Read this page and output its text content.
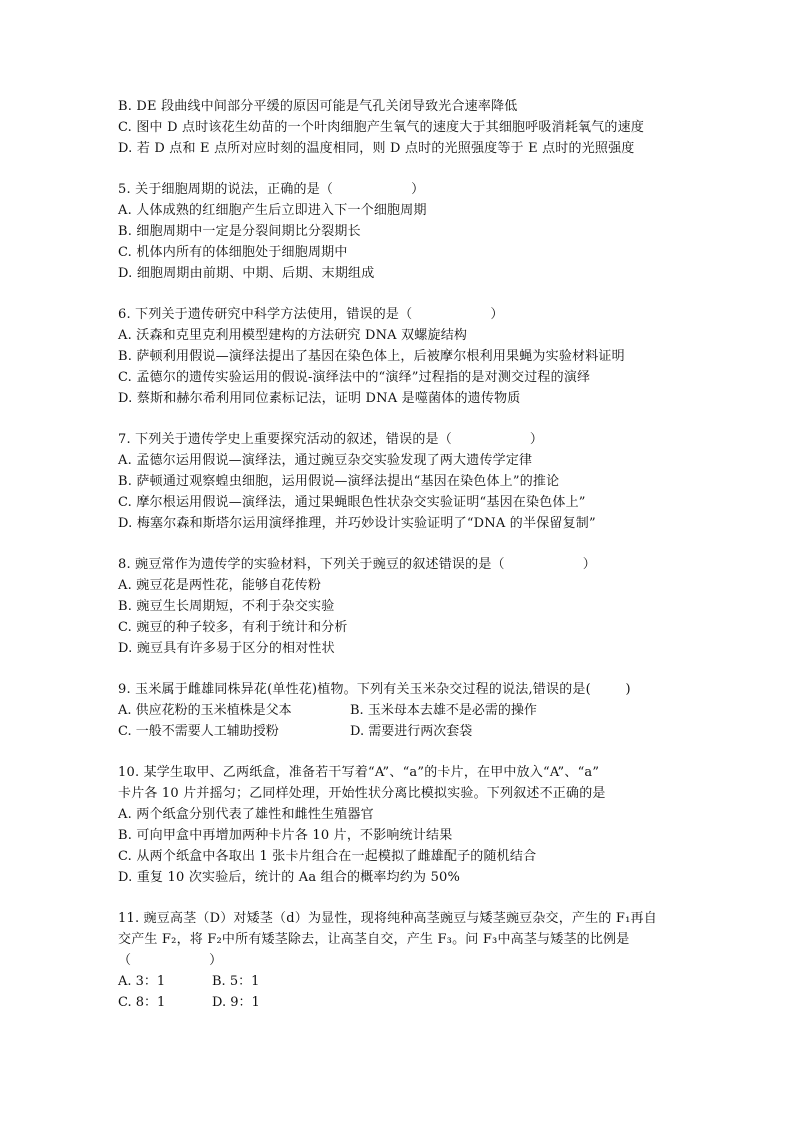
B. DE 段曲线中间部分平缓的原因可能是气孔关闭导致光合速率降低
C. 图中 D 点时该花生幼苗的一个叶肉细胞产生氧气的速度大于其细胞呼吸消耗氧气的速度
D. 若 D 点和 E 点所对应时刻的温度相同，则 D 点时的光照强度等于 E 点时的光照强度
5. 关于细胞周期的说法，正确的是（                  ）
A. 人体成熟的红细胞产生后立即进入下一个细胞周期
B. 细胞周期中一定是分裂间期比分裂期长
C. 机体内所有的体细胞处于细胞周期中
D. 细胞周期由前期、中期、后期、末期组成
6. 下列关于遗传研究中科学方法使用，错误的是（                  ）
A. 沃森和克里克利用模型建构的方法研究 DNA 双螺旋结构
B. 萨顿利用假说—演绎法提出了基因在染色体上，后被摩尔根利用果蝇为实验材料证明
C. 孟德尔的遗传实验运用的假说-演绎法中的“演绎”过程指的是对测交过程的演绎
D. 蔡斯和赫尔希利用同位素标记法，证明 DNA 是噬菌体的遗传物质
7. 下列关于遗传学史上重要探究活动的叙述，错误的是（                  ）
A. 孟德尔运用假说—演绎法，通过豌豆杂交实验发现了两大遗传学定律
B. 萨顿通过观察蝗虫细胞，运用假说—演绎法提出“基因在染色体上”的推论
C. 摩尔根运用假说—演绎法，通过果蝇眼色性状杂交实验证明“基因在染色体上”
D. 梅塞尔森和斯塔尔运用演绎推理，并巧妙设计实验证明了“DNA 的半保留复制”
8. 豌豆常作为遗传学的实验材料，下列关于豌豆的叙述错误的是（                  ）
A. 豌豆花是两性花，能够自花传粉
B. 豌豆生长周期短，不利于杂交实验
C. 豌豆的种子较多，有利于统计和分析
D. 豌豆具有许多易于区分的相对性状
9. 玉米属于雌雄同株异花(单性花)植物。下列有关玉米杂交过程的说法,错误的是(        )
A. 供应花粉的玉米植株是父本	B. 玉米母本去雄不是必需的操作
C. 一般不需要人工辅助授粉	D. 需要进行两次套袋
10. 某学生取甲、乙两纸盒，准备若干写着“A”、“a”的卡片，在甲中放入“A”、“a”
卡片各 10 片并摇匀；乙同样处理，开始性状分离比模拟实验。下列叙述不正确的是
A. 两个纸盒分别代表了雄性和雌性生殖器官
B. 可向甲盒中再增加两种卡片各 10 片，不影响统计结果
C. 从两个纸盒中各取出 1 张卡片组合在一起模拟了雌雄配子的随机结合
D. 重复 10 次实验后，统计的 Aa 组合的概率均约为 50%
11. 豌豆高茎（D）对矮茎（d）为显性，现将纯种高茎豌豆与矮茎豌豆杂交，产生的 F₁再自
交产生 F₂，将 F₂中所有矮茎除去，让高茎自交，产生 F₃。问 F₃中高茎与矮茎的比例是
（                  ）
A. 3：1	B. 5：1
C. 8：1	D. 9：1
